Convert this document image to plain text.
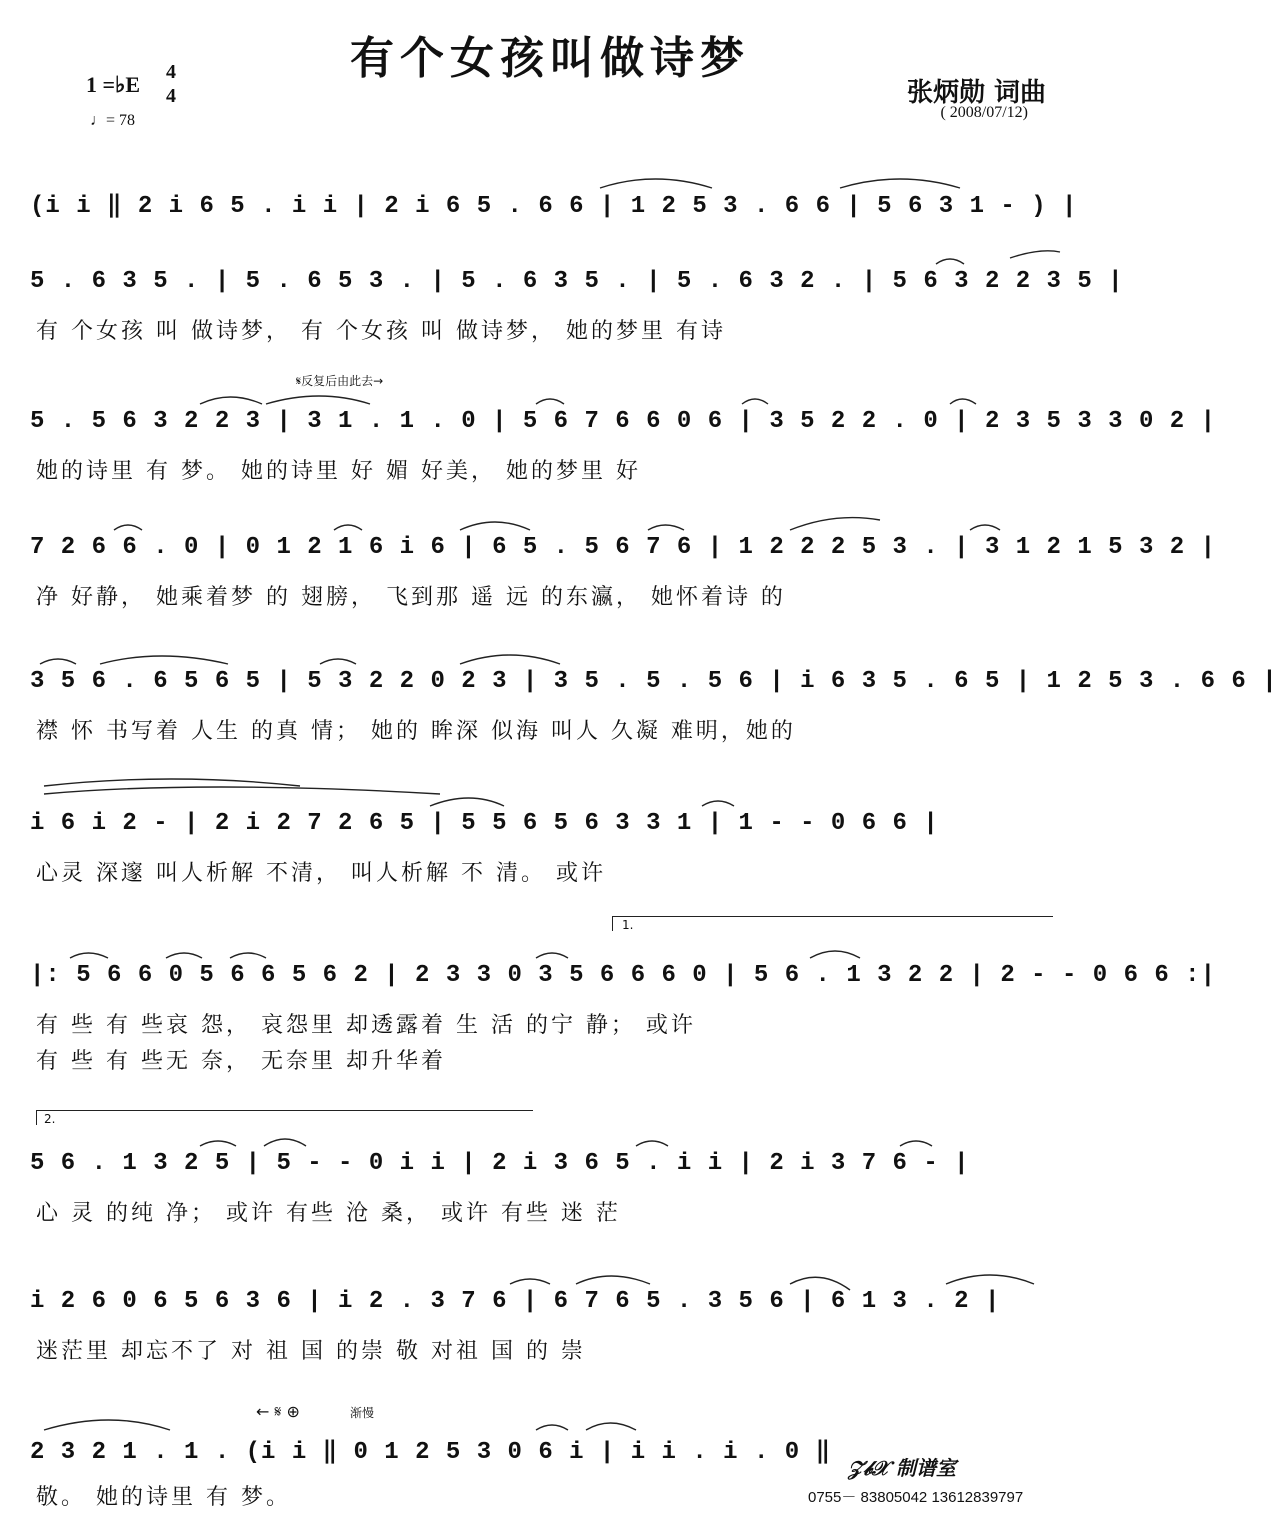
有个女孩叫做诗梦
1 =♭E 4
4
♩= 78
张炳勋 词曲
( 2008/07/12)
(i i ‖ 2 i 6 5 . i i | 2 i 6 5 . 6 6 | 1 2 5 3 . 6 6 | 5 6 3 1 - ) |
5 . 6 3 5 . | 5 . 6 5 3 . | 5 . 6 3 5 . | 5 . 6 3 2 . | 5 6 3 2 2 3 5 |
有 个女孩 叫 做诗梦， 有 个女孩 叫 做诗梦， 她的梦里 有诗
𝄋反复后由此去→
5 . 5 6 3 2 2 3 | 3 1 . 1 . 0 | 5 6 7 6 6 0 6 | 3 5 2 2 . 0 | 2 3 5 3 3 0 2 |
她的诗里 有 梦。 她的诗里 好 媚 好美， 她的梦里 好
7 2 6 6 . 0 | 0 1 2 1 6 i 6 | 6 5 . 5 6 7 6 | 1 2 2 2 5 3 . | 3 1 2 1 5 3 2 |
净 好静， 她乘着梦 的 翅膀， 飞到那 遥 远 的东瀛， 她怀着诗 的
3 5 6 . 6 5 6 5 | 5 3 2 2 0 2 3 | 3 5 . 5 . 5 6 | i 6 3 5 . 6 5 | 1 2 5 3 . 6 6 |
襟 怀 书写着 人生 的真 情； 她的 眸深 似海 叫人 久凝 难明，她的
i 6 i 2 - | 2 i 2 7 2 6 5 | 5 5 6 5 6 3 3 1 | 1 - - 0 6 6 |
心灵 深邃 叫人析解 不清， 叫人析解 不 清。 或许
1.
|: 5 6 6 0 5 6 6 5 6 2 | 2 3 3 0 3 5 6 6 6 0 | 5 6 . 1 3 2 2 | 2 - - 0 6 6 :|
有 些 有 些哀 怨， 哀怨里 却透露着 生 活 的宁 静； 或许
有 些 有 些无 奈， 无奈里 却升华着
2.
5 6 . 1 3 2 5 | 5 - - 0 i i | 2 i 3 6 5 . i i | 2 i 3 7 6 - |
心 灵 的纯 净； 或许 有些 沧 桑， 或许 有些 迷 茫
i 2 6 0 6 5 6 3 6 | i 2 . 3 7 6 | 6 7 6 5 . 3 5 6 | 6 1 3 . 2 |
迷茫里 却忘不了 对 祖 国 的崇 敬 对祖 国 的 崇
← 𝄋 ⊕	渐慢
2 3 2 1 . 1 . (i i ‖ 0 1 2 5 3 0 6 i | i i . i . 0 ‖
敬。 她的诗里 有 梦。
𝒵𝒷𝒳 制谱室
0755－ 83805042 13612839797
